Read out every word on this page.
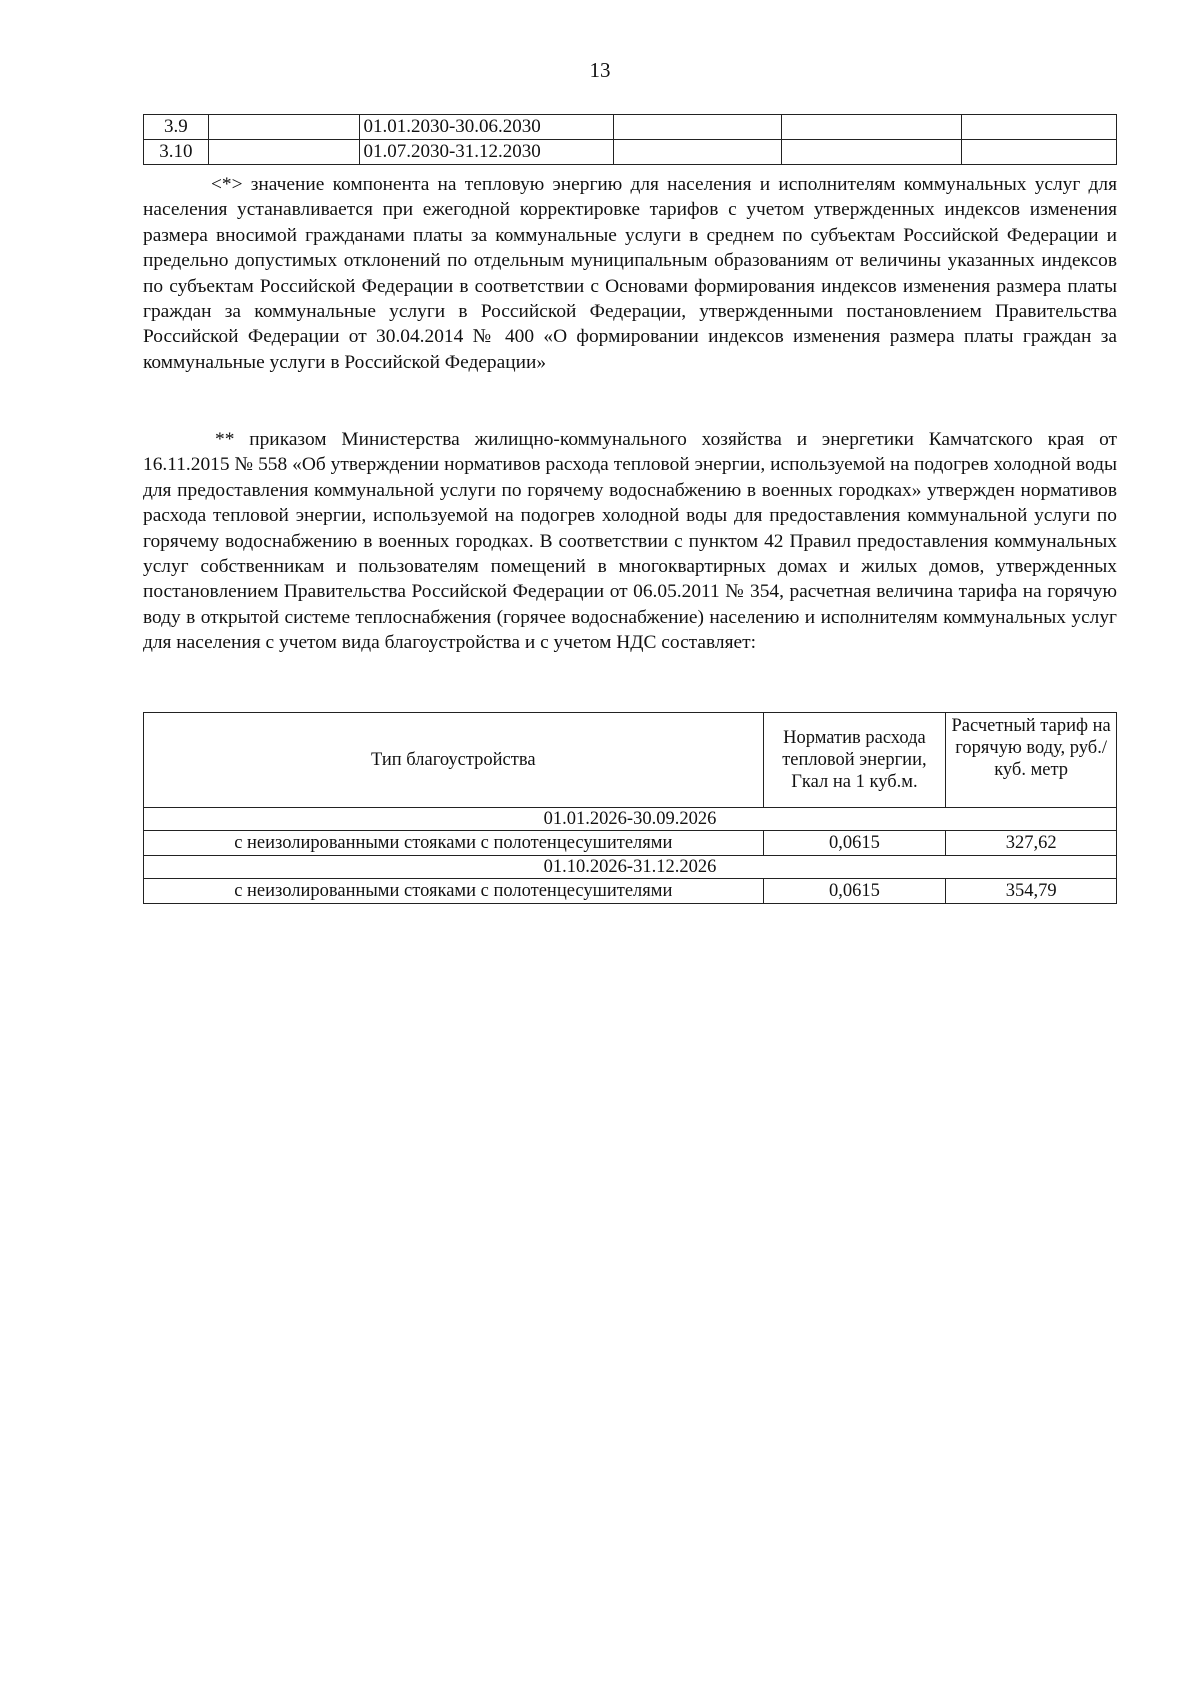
13
3.9		01.01.2030-30.06.2030			
3.10		01.07.2030-31.12.2030			

<*> значение компонента на тепловую энергию для населения и исполнителям коммунальных услуг для населения устанавливается при ежегодной корректировке тарифов с учетом утвержденных индексов изменения размера вносимой гражданами платы за коммунальные услуги в среднем по субъектам Российской Федерации и предельно допустимых отклонений по отдельным муниципальным образованиям от величины указанных индексов по субъектам Российской Федерации в соответствии с Основами формирования индексов изменения размера платы граждан за коммунальные услуги в Российской Федерации, утвержденными постановлением Правительства Российской Федерации от 30.04.2014 № 400 «О формировании индексов изменения размера платы граждан за коммунальные услуги в Российской Федерации»

** приказом Министерства жилищно-коммунального хозяйства и энергетики Камчатского края от 16.11.2015 № 558 «Об утверждении нормативов расхода тепловой энергии, используемой на подогрев холодной воды для предоставления коммунальной услуги по горячему водоснабжению в военных городках» утвержден нормативов расхода тепловой энергии, используемой на подогрев холодной воды для предоставления коммунальной услуги по горячему водоснабжению в военных городках. В соответствии с пунктом 42 Правил предоставления коммунальных услуг собственникам и пользователям помещений в многоквартирных домах и жилых домов, утвержденных постановлением Правительства Российской Федерации от 06.05.2011 № 354, расчетная величина тарифа на горячую воду в открытой системе теплоснабжения (горячее водоснабжение) населению и исполнителям коммунальных услуг для населения с учетом вида благоустройства и с учетом НДС составляет:

Тип благоустройства	Норматив расхода тепловой энергии, Гкал на 1 куб.м.	Расчетный тариф на горячую воду, руб./куб. метр
01.01.2026-30.09.2026		
с неизолированными стояками с полотенцесушителями	0,0615	327,62
01.10.2026-31.12.2026		
с неизолированными стояками с полотенцесушителями	0,0615	354,79
